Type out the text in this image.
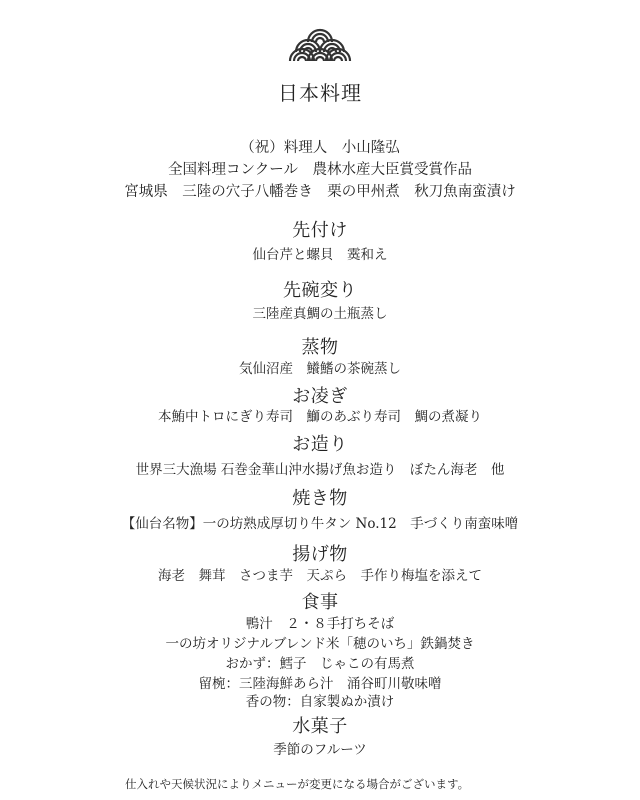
日本料理
（祝）料理人　小山隆弘
全国料理コンクール　農林水産大臣賞受賞作品
宮城県　三陸の穴子八幡巻き　栗の甲州煮　秋刀魚南蛮漬け
先付け
仙台芹と螺貝　霙和え
先碗変り
三陸産真鯛の土瓶蒸し
蒸物
気仙沼産　鱶鰭の茶碗蒸し
お凌ぎ
本鮪中トロにぎり寿司　鰤のあぶり寿司　鯛の煮凝り
お造り
世界三大漁場 石巻金華山沖水揚げ魚お造り　ぼたん海老　他
焼き物
【仙台名物】一の坊熟成厚切り牛タン No.12　手づくり南蛮味噌
揚げ物
海老　舞茸　さつま芋　天ぷら　手作り梅塩を添えて
食事
鴨汁　２・８手打ちそば
一の坊オリジナルブレンド米「穂のいち」鉄鍋焚き
おかず：鱈子　じゃこの有馬煮
留椀：三陸海鮮あら汁　涌谷町川敬味噌
香の物：自家製ぬか漬け
水菓子
季節のフルーツ
仕入れや天候状況によりメニューが変更になる場合がございます。
